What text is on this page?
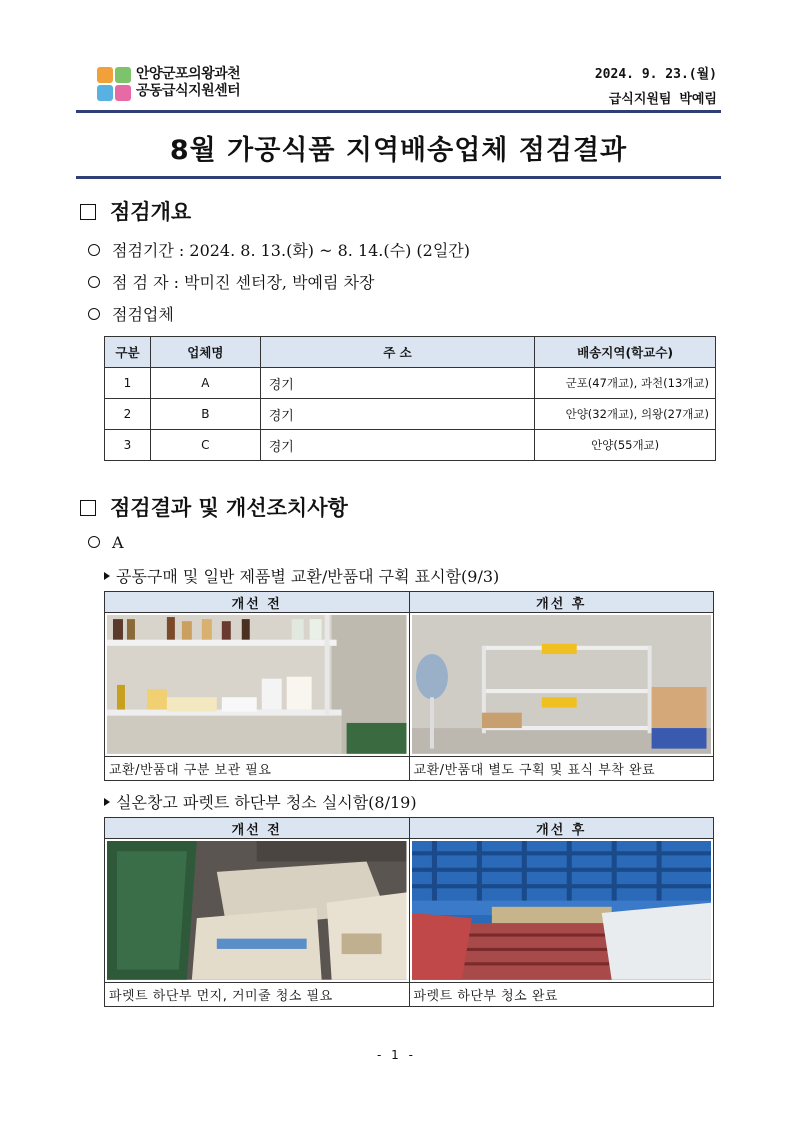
안양군포의왕과천
공동급식지원센터
2024. 9. 23.(월)
급식지원팀 박예림
8월 가공식품 지역배송업체 점검결과
점검개요
점검기간 : 2024. 8. 13.(화) ~ 8. 14.(수) (2일간)
점 검 자 : 박미진 센터장, 박예림 차장
점검업체
구분	업체명	주 소	배송지역(학교수)
1	A	경기	군포(47개교), 과천(13개교)
2	B	경기	안양(32개교), 의왕(27개교)
3	C	경기	안양(55개교)
점검결과 및 개선조치사항
A
공동구매 및 일반 제품별 교환/반품대 구획 표시함(9/3)
개선 전	개선 후

교환/반품대 구분 보관 필요	교환/반품대 별도 구획 및 표식 부착 완료
실온창고 파렛트 하단부 청소 실시함(8/19)
개선 전	개선 후

파렛트 하단부 먼지, 거미줄 청소 필요	파렛트 하단부 청소 완료
- 1 -
